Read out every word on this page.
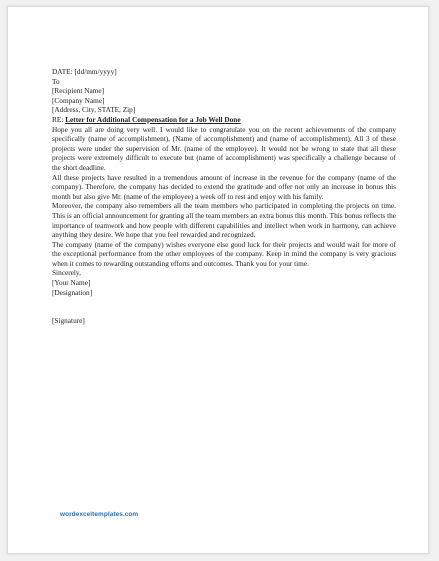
DATE: [dd/mm/yyyy]

To

[Recipient Name]
[Company Name]
[Address, City, STATE, Zip]

RE: Letter for Additional Compensation for a Job Well Done

Hope you all are doing very well. I would like to congratulate you on the recent achievements of the company specifically (name of accomplishment), (Name of accomplishment) and (name of accomplishment). All 3 of these projects were under the supervision of Mr. (name of the employee). It would not be wrong to state that all these projects were extremely difficult to execute but (name of accomplishment) was specifically a challenge because of the short deadline.

All these projects have resulted in a tremendous amount of increase in the revenue for the company (name of the company). Therefore, the company has decided to extend the gratitude and offer not only an increase in bonus this month but also give Mr. (name of the employee) a week off to rest and enjoy with his family.

Moreover, the company also remembers all the team members who participated in completing the projects on time. This is an official announcement for granting all the team members an extra bonus this month. This bonus reflects the importance of teamwork and how people with different capabilities and intellect when work in harmony, can achieve anything they desire. We hope that you feel rewarded and recognized.

The company (name of the company) wishes everyone else good luck for their projects and would wait for more of the exceptional performance from the other employees of the company. Keep in mind the company is very gracious when it comes to rewarding outstanding efforts and outcomes. Thank you for your time.

Sincerely,

[Your Name]
[Designation]

[Signature]

wordexceltemplates.com
